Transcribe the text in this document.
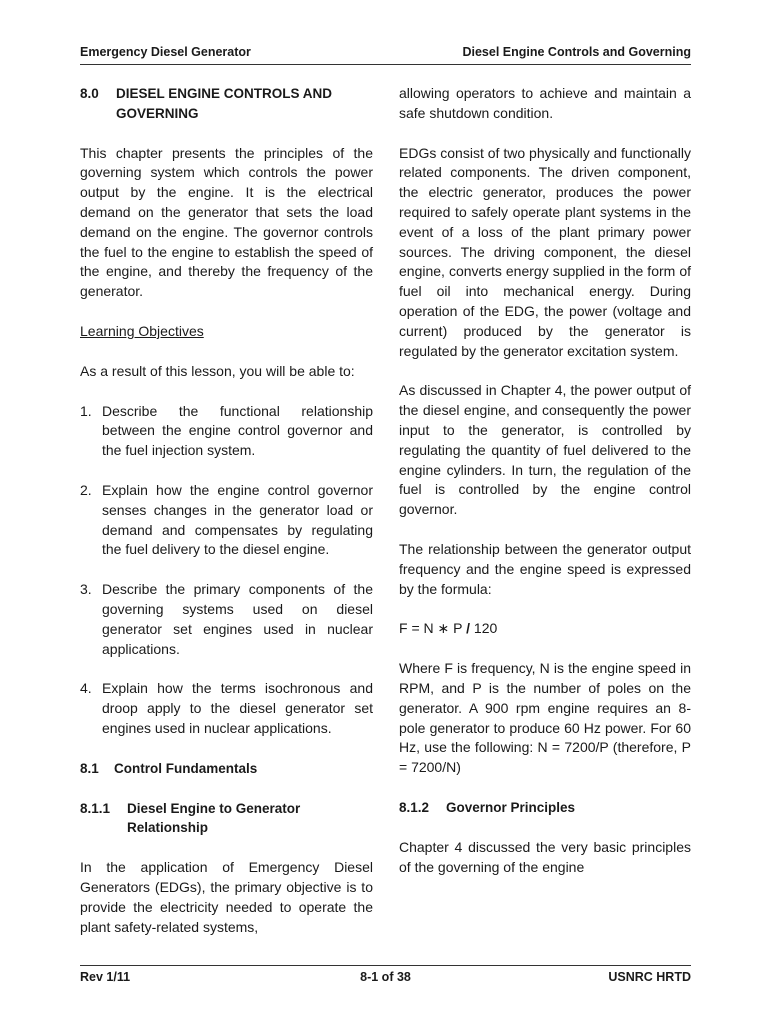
Emergency Diesel Generator	Diesel Engine Controls and Governing
8.0	DIESEL ENGINE CONTROLS AND GOVERNING

This chapter presents the principles of the governing system which controls the power output by the engine. It is the electrical demand on the generator that sets the load demand on the engine. The governor controls the fuel to the engine to establish the speed of the engine, and thereby the frequency of the generator.

Learning Objectives

As a result of this lesson, you will be able to:

1. Describe the functional relationship between the engine control governor and the fuel injection system.
2. Explain how the engine control governor senses changes in the generator load or demand and compensates by regulating the fuel delivery to the diesel engine.
3. Describe the primary components of the governing systems used on diesel generator set engines used in nuclear applications.
4. Explain how the terms isochronous and droop apply to the diesel generator set engines used in nuclear applications.
8.1 Control Fundamentals
8.1.1	Diesel Engine to Generator Relationship

In the application of Emergency Diesel Generators (EDGs), the primary objective is to provide the electricity needed to operate the plant safety-related systems,

allowing operators to achieve and maintain a safe shutdown condition.

EDGs consist of two physically and functionally related components. The driven component, the electric generator, produces the power required to safely operate plant systems in the event of a loss of the plant primary power sources. The driving component, the diesel engine, converts energy supplied in the form of fuel oil into mechanical energy. During operation of the EDG, the power (voltage and current) produced by the generator is regulated by the generator excitation system.

As discussed in Chapter 4, the power output of the diesel engine, and consequently the power input to the generator, is controlled by regulating the quantity of fuel delivered to the engine cylinders. In turn, the regulation of the fuel is controlled by the engine control governor.

The relationship between the generator output frequency and the engine speed is expressed by the formula:

F = N ∗ P / 120

Where F is frequency, N is the engine speed in RPM, and P is the number of poles on the generator. A 900 rpm engine requires an 8-pole generator to produce 60 Hz power. For 60 Hz, use the following: N = 7200/P (therefore, P = 7200/N)

8.1.2	Governor Principles

Chapter 4 discussed the very basic principles of the governing of the engine

Rev 1/11	8-1 of 38	USNRC HRTD
